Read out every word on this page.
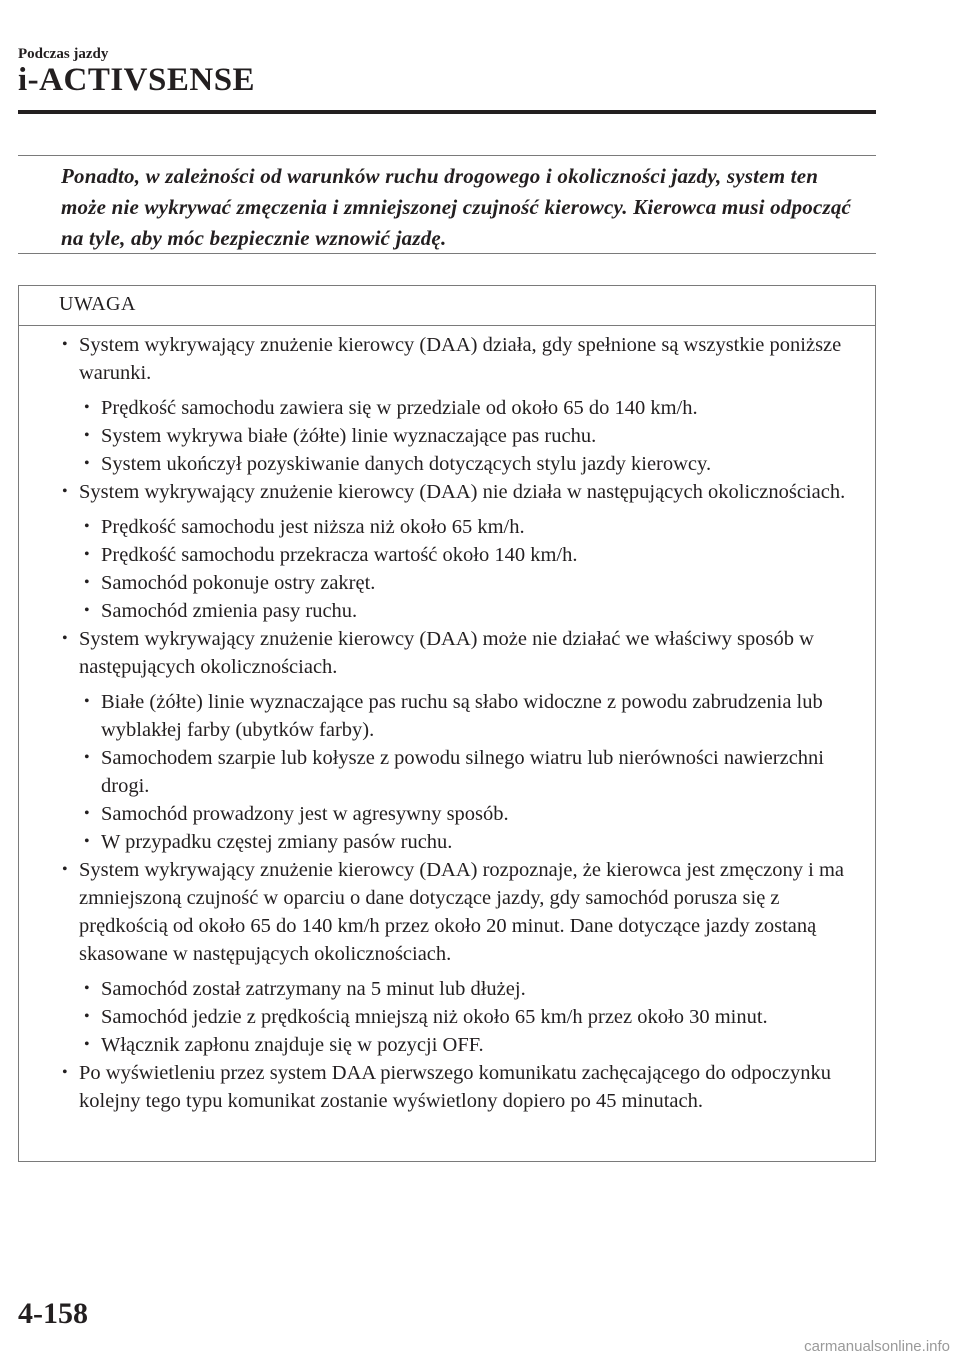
Podczas jazdy
i-ACTIVSENSE

Ponadto, w zależności od warunków ruchu drogowego i okoliczności jazdy, system ten może nie wykrywać zmęczenia i zmniejszonej czujność kierowcy. Kierowca musi odpocząć na tyle, aby móc bezpiecznie wznowić jazdę.

UWAGA
• System wykrywający znużenie kierowcy (DAA) działa, gdy spełnione są wszystkie poniższe warunki.
• Prędkość samochodu zawiera się w przedziale od około 65 do 140 km/h.
• System wykrywa białe (żółte) linie wyznaczające pas ruchu.
• System ukończył pozyskiwanie danych dotyczących stylu jazdy kierowcy.
• System wykrywający znużenie kierowcy (DAA) nie działa w następujących okolicznościach.
• Prędkość samochodu jest niższa niż około 65 km/h.
• Prędkość samochodu przekracza wartość około 140 km/h.
• Samochód pokonuje ostry zakręt.
• Samochód zmienia pasy ruchu.
• System wykrywający znużenie kierowcy (DAA) może nie działać we właściwy sposób w następujących okolicznościach.
• Białe (żółte) linie wyznaczające pas ruchu są słabo widoczne z powodu zabrudzenia lub wyblakłej farby (ubytków farby).
• Samochodem szarpie lub kołysze z powodu silnego wiatru lub nierówności nawierzchni drogi.
• Samochód prowadzony jest w agresywny sposób.
• W przypadku częstej zmiany pasów ruchu.
• System wykrywający znużenie kierowcy (DAA) rozpoznaje, że kierowca jest zmęczony i ma zmniejszoną czujność w oparciu o dane dotyczące jazdy, gdy samochód porusza się z prędkością od około 65 do 140 km/h przez około 20 minut. Dane dotyczące jazdy zostaną skasowane w następujących okolicznościach.
• Samochód został zatrzymany na 5 minut lub dłużej.
• Samochód jedzie z prędkością mniejszą niż około 65 km/h przez około 30 minut.
• Włącznik zapłonu znajduje się w pozycji OFF.
• Po wyświetleniu przez system DAA pierwszego komunikatu zachęcającego do odpoczynku kolejny tego typu komunikat zostanie wyświetlony dopiero po 45 minutach.
4-158
carmanualsonline.info
